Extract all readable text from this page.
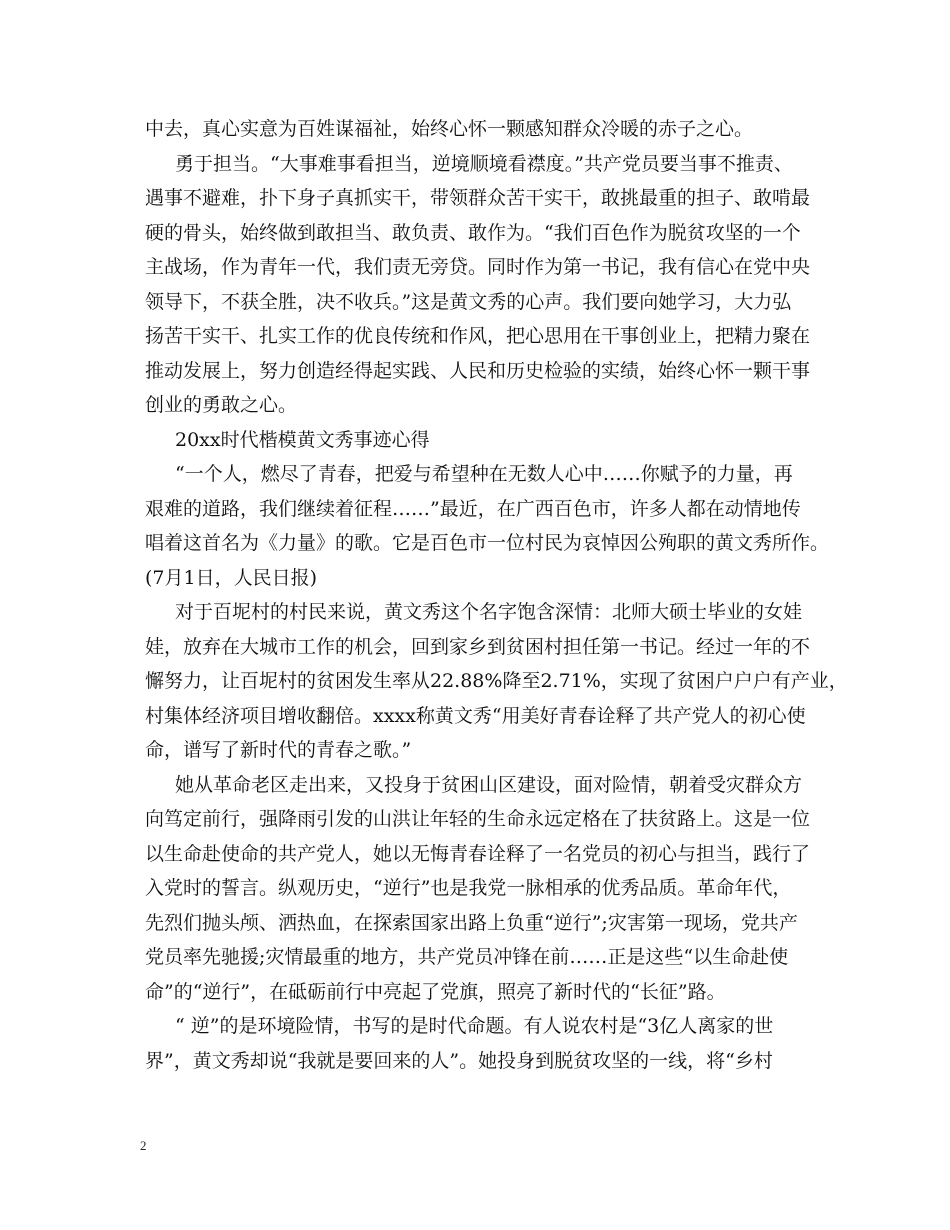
中去，真心实意为百姓谋福祉，始终心怀一颗感知群众冷暖的赤子之心。
勇于担当。“大事难事看担当，逆境顺境看襟度。”共产党员要当事不推责、
遇事不避难，扑下身子真抓实干，带领群众苦干实干，敢挑最重的担子、敢啃最
硬的骨头，始终做到敢担当、敢负责、敢作为。“我们百色作为脱贫攻坚的一个
主战场，作为青年一代，我们责无旁贷。同时作为第一书记，我有信心在党中央
领导下，不获全胜，决不收兵。”这是黄文秀的心声。我们要向她学习，大力弘
扬苦干实干、扎实工作的优良传统和作风，把心思用在干事创业上，把精力聚在
推动发展上，努力创造经得起实践、人民和历史检验的实绩，始终心怀一颗干事
创业的勇敢之心。
20xx时代楷模黄文秀事迹心得
“一个人，燃尽了青春，把爱与希望种在无数人心中……你赋予的力量，再
艰难的道路，我们继续着征程……”最近，在广西百色市，许多人都在动情地传
唱着这首名为《力量》的歌。它是百色市一位村民为哀悼因公殉职的黄文秀所作。
(7月1日，人民日报)
对于百坭村的村民来说，黄文秀这个名字饱含深情：北师大硕士毕业的女娃
娃，放弃在大城市工作的机会，回到家乡到贫困村担任第一书记。经过一年的不
懈努力，让百坭村的贫困发生率从22.88%降至2.71%，实现了贫困户户户有产业，
村集体经济项目增收翻倍。xxxx称黄文秀“用美好青春诠释了共产党人的初心使
命，谱写了新时代的青春之歌。”
她从革命老区走出来，又投身于贫困山区建设，面对险情，朝着受灾群众方
向笃定前行，强降雨引发的山洪让年轻的生命永远定格在了扶贫路上。这是一位
以生命赴使命的共产党人，她以无悔青春诠释了一名党员的初心与担当，践行了
入党时的誓言。纵观历史，“逆行”也是我党一脉相承的优秀品质。革命年代，
先烈们抛头颅、洒热血，在探索国家出路上负重“逆行”;灾害第一现场，党共产
党员率先驰援;灾情最重的地方，共产党员冲锋在前……正是这些“以生命赴使
命”的“逆行”，在砥砺前行中亮起了党旗，照亮了新时代的“长征”路。
“ 逆”的是环境险情，书写的是时代命题。有人说农村是“3亿人离家的世
界”，黄文秀却说“我就是要回来的人”。她投身到脱贫攻坚的一线，将“乡村
2
